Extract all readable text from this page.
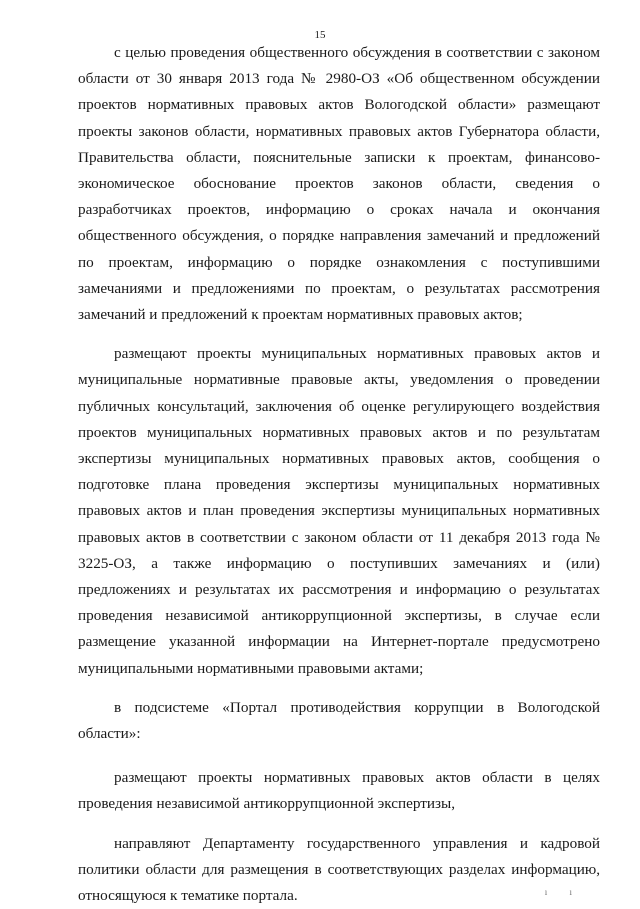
15

с целью проведения общественного обсуждения в соответствии с законом области от 30 января 2013 года № 2980-ОЗ «Об общественном обсуждении проектов нормативных правовых актов Вологодской области» размещают проекты законов области, нормативных правовых актов Губернатора области, Правительства области, пояснительные записки к проектам, финансово-экономическое обоснование проектов законов области, сведения о разработчиках проектов, информацию о сроках начала и окончания общественного обсуждения, о порядке направления замечаний и предложений по проектам, информацию о порядке ознакомления с поступившими замечаниями и предложениями по проектам, о результатах рассмотрения замечаний и предложений к проектам нормативных правовых актов;

размещают проекты муниципальных нормативных правовых актов и муниципальные нормативные правовые акты, уведомления о проведении публичных консультаций, заключения об оценке регулирующего воздействия проектов муниципальных нормативных правовых актов и по результатам экспертизы муниципальных нормативных правовых актов, сообщения о подготовке плана проведения экспертизы муниципальных нормативных правовых актов и план проведения экспертизы муниципальных нормативных правовых актов в соответствии с законом области от 11 декабря 2013 года № 3225-ОЗ, а также информацию о поступивших замечаниях и (или) предложениях и результатах их рассмотрения и информацию о результатах проведения независимой антикоррупционной экспертизы, в случае если размещение указанной информации на Интернет-портале предусмотрено муниципальными нормативными правовыми актами;

в подсистеме «Портал противодействия коррупции в Вологодской области»:

размещают проекты нормативных правовых актов области в целях проведения независимой антикоррупционной экспертизы,

направляют Департаменту государственного управления и кадровой политики области для размещения в соответствующих разделах информацию, относящуюся к тематике портала.	ı ı
